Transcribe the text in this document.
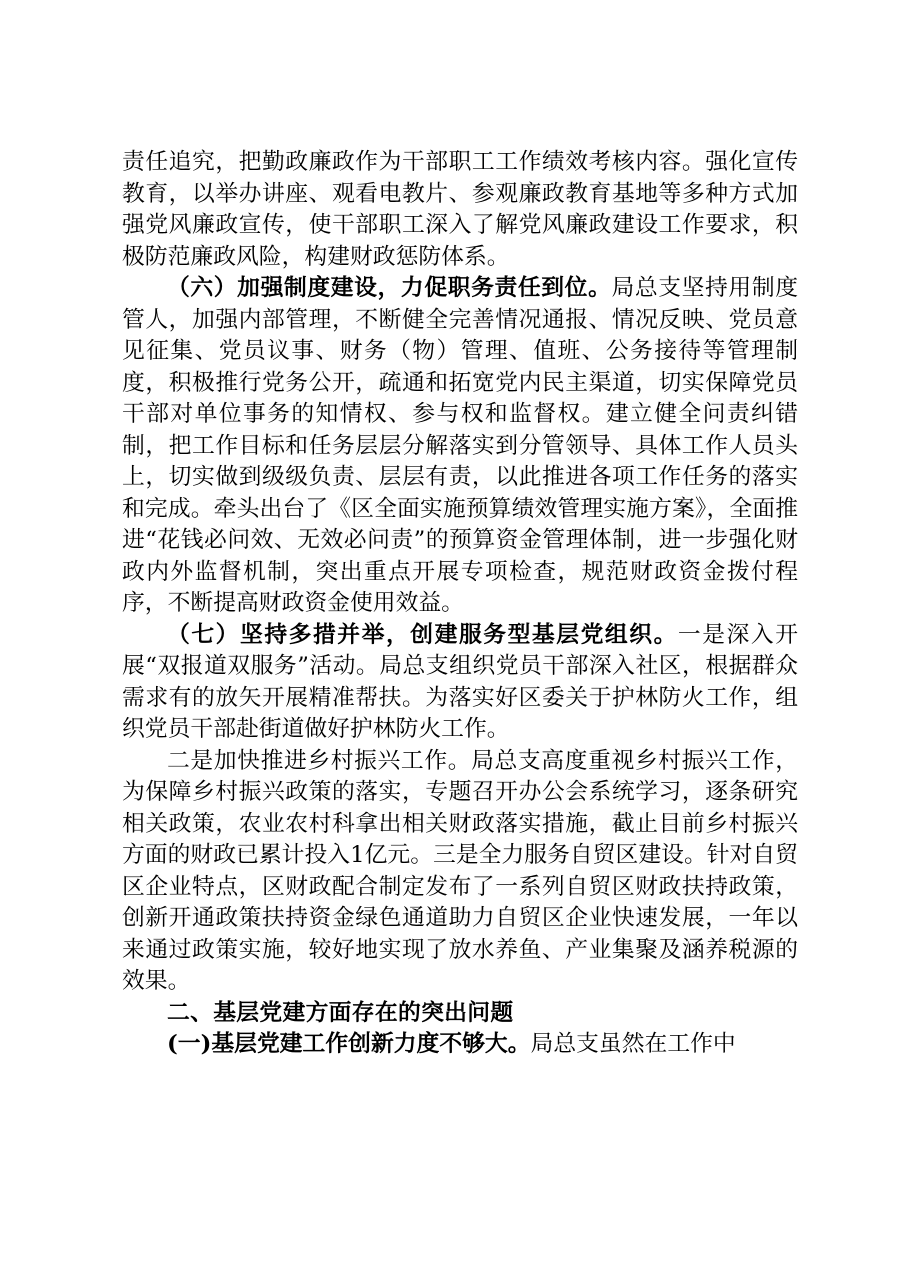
责任追究，把勤政廉政作为干部职工工作绩效考核内容。强化宣传教育，以举办讲座、观看电教片、参观廉政教育基地等多种方式加强党风廉政宣传，使干部职工深入了解党风廉政建设工作要求，积极防范廉政风险，构建财政惩防体系。

（六）加强制度建设，力促职务责任到位。局总支坚持用制度管人，加强内部管理，不断健全完善情况通报、情况反映、党员意见征集、党员议事、财务（物）管理、值班、公务接待等管理制度，积极推行党务公开，疏通和拓宽党内民主渠道，切实保障党员干部对单位事务的知情权、参与权和监督权。建立健全问责纠错制，把工作目标和任务层层分解落实到分管领导、具体工作人员头上，切实做到级级负责、层层有责，以此推进各项工作任务的落实和完成。牵头出台了《区全面实施预算绩效管理实施方案》，全面推进“花钱必问效、无效必问责”的预算资金管理体制，进一步强化财政内外监督机制，突出重点开展专项检查，规范财政资金拨付程序，不断提高财政资金使用效益。

（七）坚持多措并举，创建服务型基层党组织。一是深入开展“双报道双服务”活动。局总支组织党员干部深入社区，根据群众需求有的放矢开展精准帮扶。为落实好区委关于护林防火工作，组织党员干部赴街道做好护林防火工作。

二是加快推进乡村振兴工作。局总支高度重视乡村振兴工作，为保障乡村振兴政策的落实，专题召开办公会系统学习，逐条研究相关政策，农业农村科拿出相关财政落实措施，截止目前乡村振兴方面的财政已累计投入1亿元。三是全力服务自贸区建设。针对自贸区企业特点，区财政配合制定发布了一系列自贸区财政扶持政策，创新开通政策扶持资金绿色通道助力自贸区企业快速发展，一年以来通过政策实施，较好地实现了放水养鱼、产业集聚及涵养税源的效果。

二、基层党建方面存在的突出问题

(一)基层党建工作创新力度不够大。局总支虽然在工作中
